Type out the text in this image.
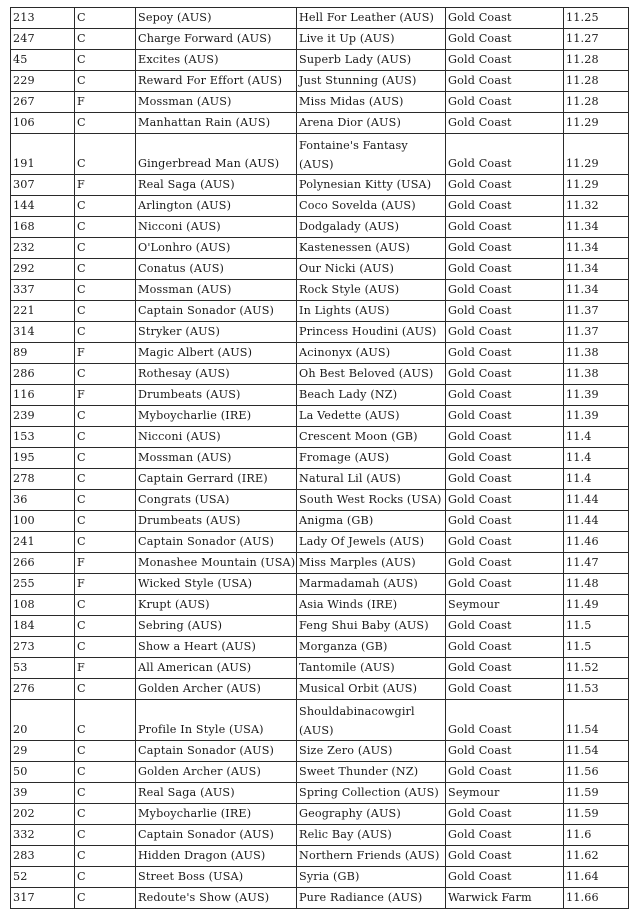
213	C	Sepoy (AUS)	Hell For Leather (AUS)	Gold Coast	11.25
247	C	Charge Forward (AUS)	Live it Up (AUS)	Gold Coast	11.27
45	C	Excites (AUS)	Superb Lady (AUS)	Gold Coast	11.28
229	C	Reward For Effort (AUS)	Just Stunning (AUS)	Gold Coast	11.28
267	F	Mossman (AUS)	Miss Midas (AUS)	Gold Coast	11.28
106	C	Manhattan Rain (AUS)	Arena Dior (AUS)	Gold Coast	11.29
191	C	Gingerbread Man (AUS)	Fontaine's Fantasy (AUS)	Gold Coast	11.29
307	F	Real Saga (AUS)	Polynesian Kitty (USA)	Gold Coast	11.29
144	C	Arlington (AUS)	Coco Sovelda (AUS)	Gold Coast	11.32
168	C	Nicconi (AUS)	Dodgalady (AUS)	Gold Coast	11.34
232	C	O'Lonhro (AUS)	Kastenessen (AUS)	Gold Coast	11.34
292	C	Conatus (AUS)	Our Nicki (AUS)	Gold Coast	11.34
337	C	Mossman (AUS)	Rock Style (AUS)	Gold Coast	11.34
221	C	Captain Sonador (AUS)	In Lights (AUS)	Gold Coast	11.37
314	C	Stryker (AUS)	Princess Houdini (AUS)	Gold Coast	11.37
89	F	Magic Albert (AUS)	Acinonyx (AUS)	Gold Coast	11.38
286	C	Rothesay (AUS)	Oh Best Beloved (AUS)	Gold Coast	11.38
116	F	Drumbeats (AUS)	Beach Lady (NZ)	Gold Coast	11.39
239	C	Myboycharlie (IRE)	La Vedette (AUS)	Gold Coast	11.39
153	C	Nicconi (AUS)	Crescent Moon (GB)	Gold Coast	11.4
195	C	Mossman (AUS)	Fromage (AUS)	Gold Coast	11.4
278	C	Captain Gerrard (IRE)	Natural Lil (AUS)	Gold Coast	11.4
36	C	Congrats (USA)	South West Rocks (USA)	Gold Coast	11.44
100	C	Drumbeats (AUS)	Anigma (GB)	Gold Coast	11.44
241	C	Captain Sonador (AUS)	Lady Of Jewels (AUS)	Gold Coast	11.46
266	F	Monashee Mountain (USA)	Miss Marples (AUS)	Gold Coast	11.47
255	F	Wicked Style (USA)	Marmadamah (AUS)	Gold Coast	11.48
108	C	Krupt (AUS)	Asia Winds (IRE)	Seymour	11.49
184	C	Sebring (AUS)	Feng Shui Baby (AUS)	Gold Coast	11.5
273	C	Show a Heart (AUS)	Morganza (GB)	Gold Coast	11.5
53	F	All American (AUS)	Tantomile (AUS)	Gold Coast	11.52
276	C	Golden Archer (AUS)	Musical Orbit (AUS)	Gold Coast	11.53
20	C	Profile In Style (USA)	Shouldabinacowgirl (AUS)	Gold Coast	11.54
29	C	Captain Sonador (AUS)	Size Zero (AUS)	Gold Coast	11.54
50	C	Golden Archer (AUS)	Sweet Thunder (NZ)	Gold Coast	11.56
39	C	Real Saga (AUS)	Spring Collection (AUS)	Seymour	11.59
202	C	Myboycharlie (IRE)	Geography (AUS)	Gold Coast	11.59
332	C	Captain Sonador (AUS)	Relic Bay (AUS)	Gold Coast	11.6
283	C	Hidden Dragon (AUS)	Northern Friends (AUS)	Gold Coast	11.62
52	C	Street Boss (USA)	Syria (GB)	Gold Coast	11.64
317	C	Redoute's Show (AUS)	Pure Radiance (AUS)	Warwick Farm	11.66
